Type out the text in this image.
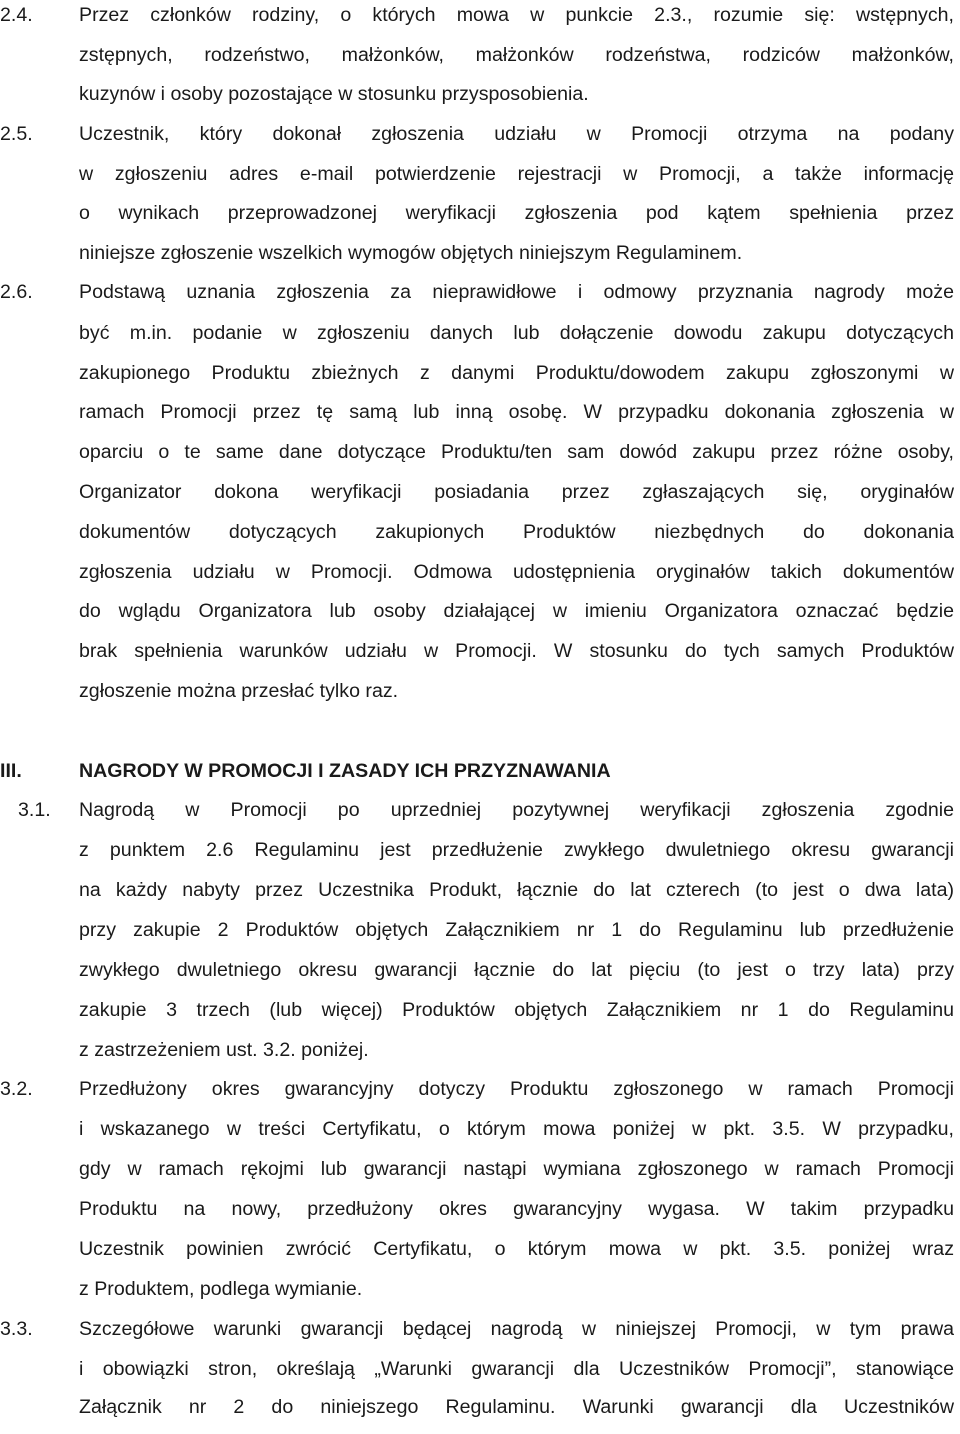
2.4.	Przez członków rodziny, o których mowa w punkcie 2.3., rozumie się: wstępnych,
zstępnych, rodzeństwo, małżonków, małżonków rodzeństwa, rodziców małżonków,
kuzynów i osoby pozostające w stosunku przysposobienia.
2.5.	Uczestnik, który dokonał zgłoszenia udziału w Promocji otrzyma na podany
w zgłoszeniu adres e-mail potwierdzenie rejestracji w Promocji, a także informację
o wynikach przeprowadzonej weryfikacji zgłoszenia pod kątem spełnienia przez
niniejsze zgłoszenie wszelkich wymogów objętych niniejszym Regulaminem.
2.6.	Podstawą uznania zgłoszenia za nieprawidłowe i odmowy przyznania nagrody może
być m.in. podanie w zgłoszeniu danych lub dołączenie dowodu zakupu dotyczących
zakupionego Produktu zbieżnych z danymi Produktu/dowodem zakupu zgłoszonymi w
ramach Promocji przez tę samą lub inną osobę. W przypadku dokonania zgłoszenia w
oparciu o te same dane dotyczące Produktu/ten sam dowód zakupu przez różne osoby,
Organizator dokona weryfikacji posiadania przez zgłaszających się, oryginałów
dokumentów dotyczących zakupionych Produktów niezbędnych do dokonania
zgłoszenia udziału w Promocji. Odmowa udostępnienia oryginałów takich dokumentów
do wglądu Organizatora lub osoby działającej w imieniu Organizatora oznaczać będzie
brak spełnienia warunków udziału w Promocji. W stosunku do tych samych Produktów
zgłoszenie można przesłać tylko raz.
III.	NAGRODY W PROMOCJI I ZASADY ICH PRZYZNAWANIA
3.1.	Nagrodą w Promocji po uprzedniej pozytywnej weryfikacji zgłoszenia zgodnie
z punktem 2.6 Regulaminu jest przedłużenie zwykłego dwuletniego okresu gwarancji
na każdy nabyty przez Uczestnika Produkt, łącznie do lat czterech (to jest o dwa lata)
przy zakupie 2 Produktów objętych Załącznikiem nr 1 do Regulaminu lub przedłużenie
zwykłego dwuletniego okresu gwarancji łącznie do lat pięciu (to jest o trzy lata) przy
zakupie 3 trzech (lub więcej) Produktów objętych Załącznikiem nr 1 do Regulaminu
z zastrzeżeniem ust. 3.2. poniżej.
3.2.	Przedłużony okres gwarancyjny dotyczy Produktu zgłoszonego w ramach Promocji
i wskazanego w treści Certyfikatu, o którym mowa poniżej w pkt. 3.5. W przypadku,
gdy w ramach rękojmi lub gwarancji nastąpi wymiana zgłoszonego w ramach Promocji
Produktu na nowy, przedłużony okres gwarancyjny wygasa. W takim przypadku
Uczestnik powinien zwrócić Certyfikatu, o którym mowa w pkt. 3.5. poniżej wraz
z Produktem, podlega wymianie.
3.3.	Szczegółowe warunki gwarancji będącej nagrodą w niniejszej Promocji, w tym prawa
i obowiązki stron, określają „Warunki gwarancji dla Uczestników Promocji”, stanowiące
Załącznik nr 2 do niniejszego Regulaminu. Warunki gwarancji dla Uczestników
